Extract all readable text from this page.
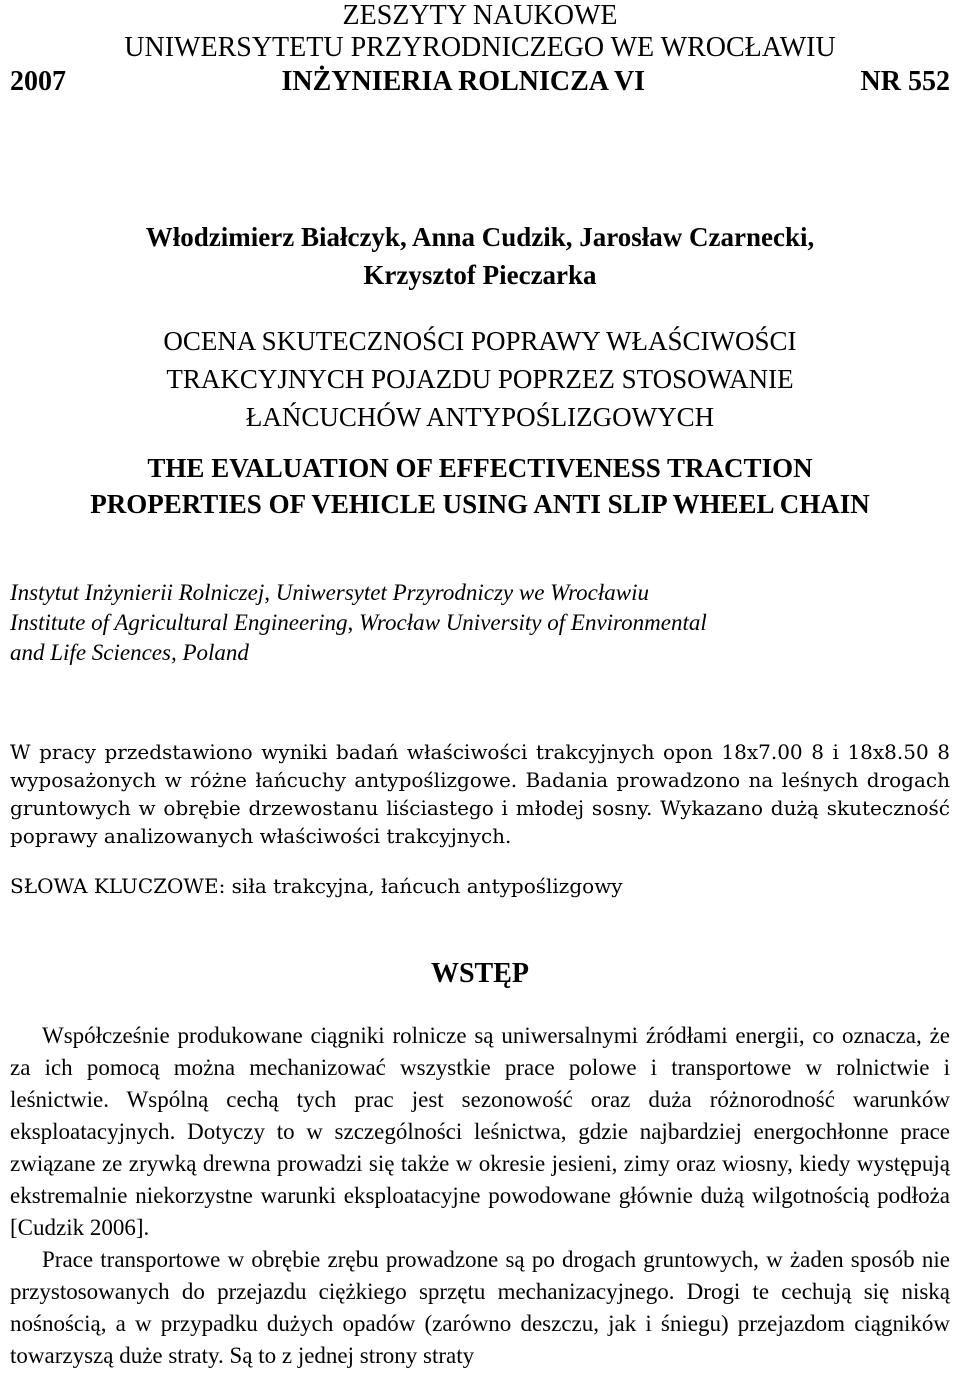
ZESZYTY NAUKOWE
UNIWERSYTETU PRZYRODNICZEGO WE WROCŁAWIU
2007	INŻYNIERIA ROLNICZA VI	NR 552
Włodzimierz Białczyk, Anna Cudzik, Jarosław Czarnecki,
Krzysztof Pieczarka
OCENA SKUTECZNOŚCI POPRAWY WŁAŚCIWOŚCI
TRAKCYJNYCH POJAZDU POPRZEZ STOSOWANIE
ŁAŃCUCHÓW ANTYPOŚLIZGOWYCH
THE EVALUATION OF EFFECTIVENESS TRACTION
PROPERTIES OF VEHICLE USING ANTI SLIP WHEEL CHAIN
Instytut Inżynierii Rolniczej, Uniwersytet Przyrodniczy we Wrocławiu
Institute of Agricultural Engineering, Wrocław University of Environmental
and Life Sciences, Poland

W pracy przedstawiono wyniki badań właściwości trakcyjnych opon 18x7.00 8 i 18x8.50 8 wyposażonych w różne łańcuchy antypoślizgowe. Badania prowadzono na leśnych drogach gruntowych w obrębie drzewostanu liściastego i młodej sosny. Wykazano dużą skuteczność poprawy analizowanych właściwości trakcyjnych.

SŁOWA KLUCZOWE: siła trakcyjna, łańcuch antypoślizgowy

WSTĘP

Współcześnie produkowane ciągniki rolnicze są uniwersalnymi źródłami energii, co oznacza, że za ich pomocą można mechanizować wszystkie prace polowe i transportowe w rolnictwie i leśnictwie. Wspólną cechą tych prac jest sezonowość oraz duża różnorodność warunków eksploatacyjnych. Dotyczy to w szczególności leśnictwa, gdzie najbardziej energochłonne prace związane ze zrywką drewna prowadzi się także w okresie jesieni, zimy oraz wiosny, kiedy występują ekstremalnie niekorzystne warunki eksploatacyjne powodowane głównie dużą wilgotnością podłoża [Cudzik 2006].

Prace transportowe w obrębie zrębu prowadzone są po drogach gruntowych, w żaden sposób nie przystosowanych do przejazdu ciężkiego sprzętu mechanizacyjnego. Drogi te cechują się niską nośnością, a w przypadku dużych opadów (zarówno deszczu, jak i śniegu) przejazdom ciągników towarzyszą duże straty. Są to z jednej strony straty
